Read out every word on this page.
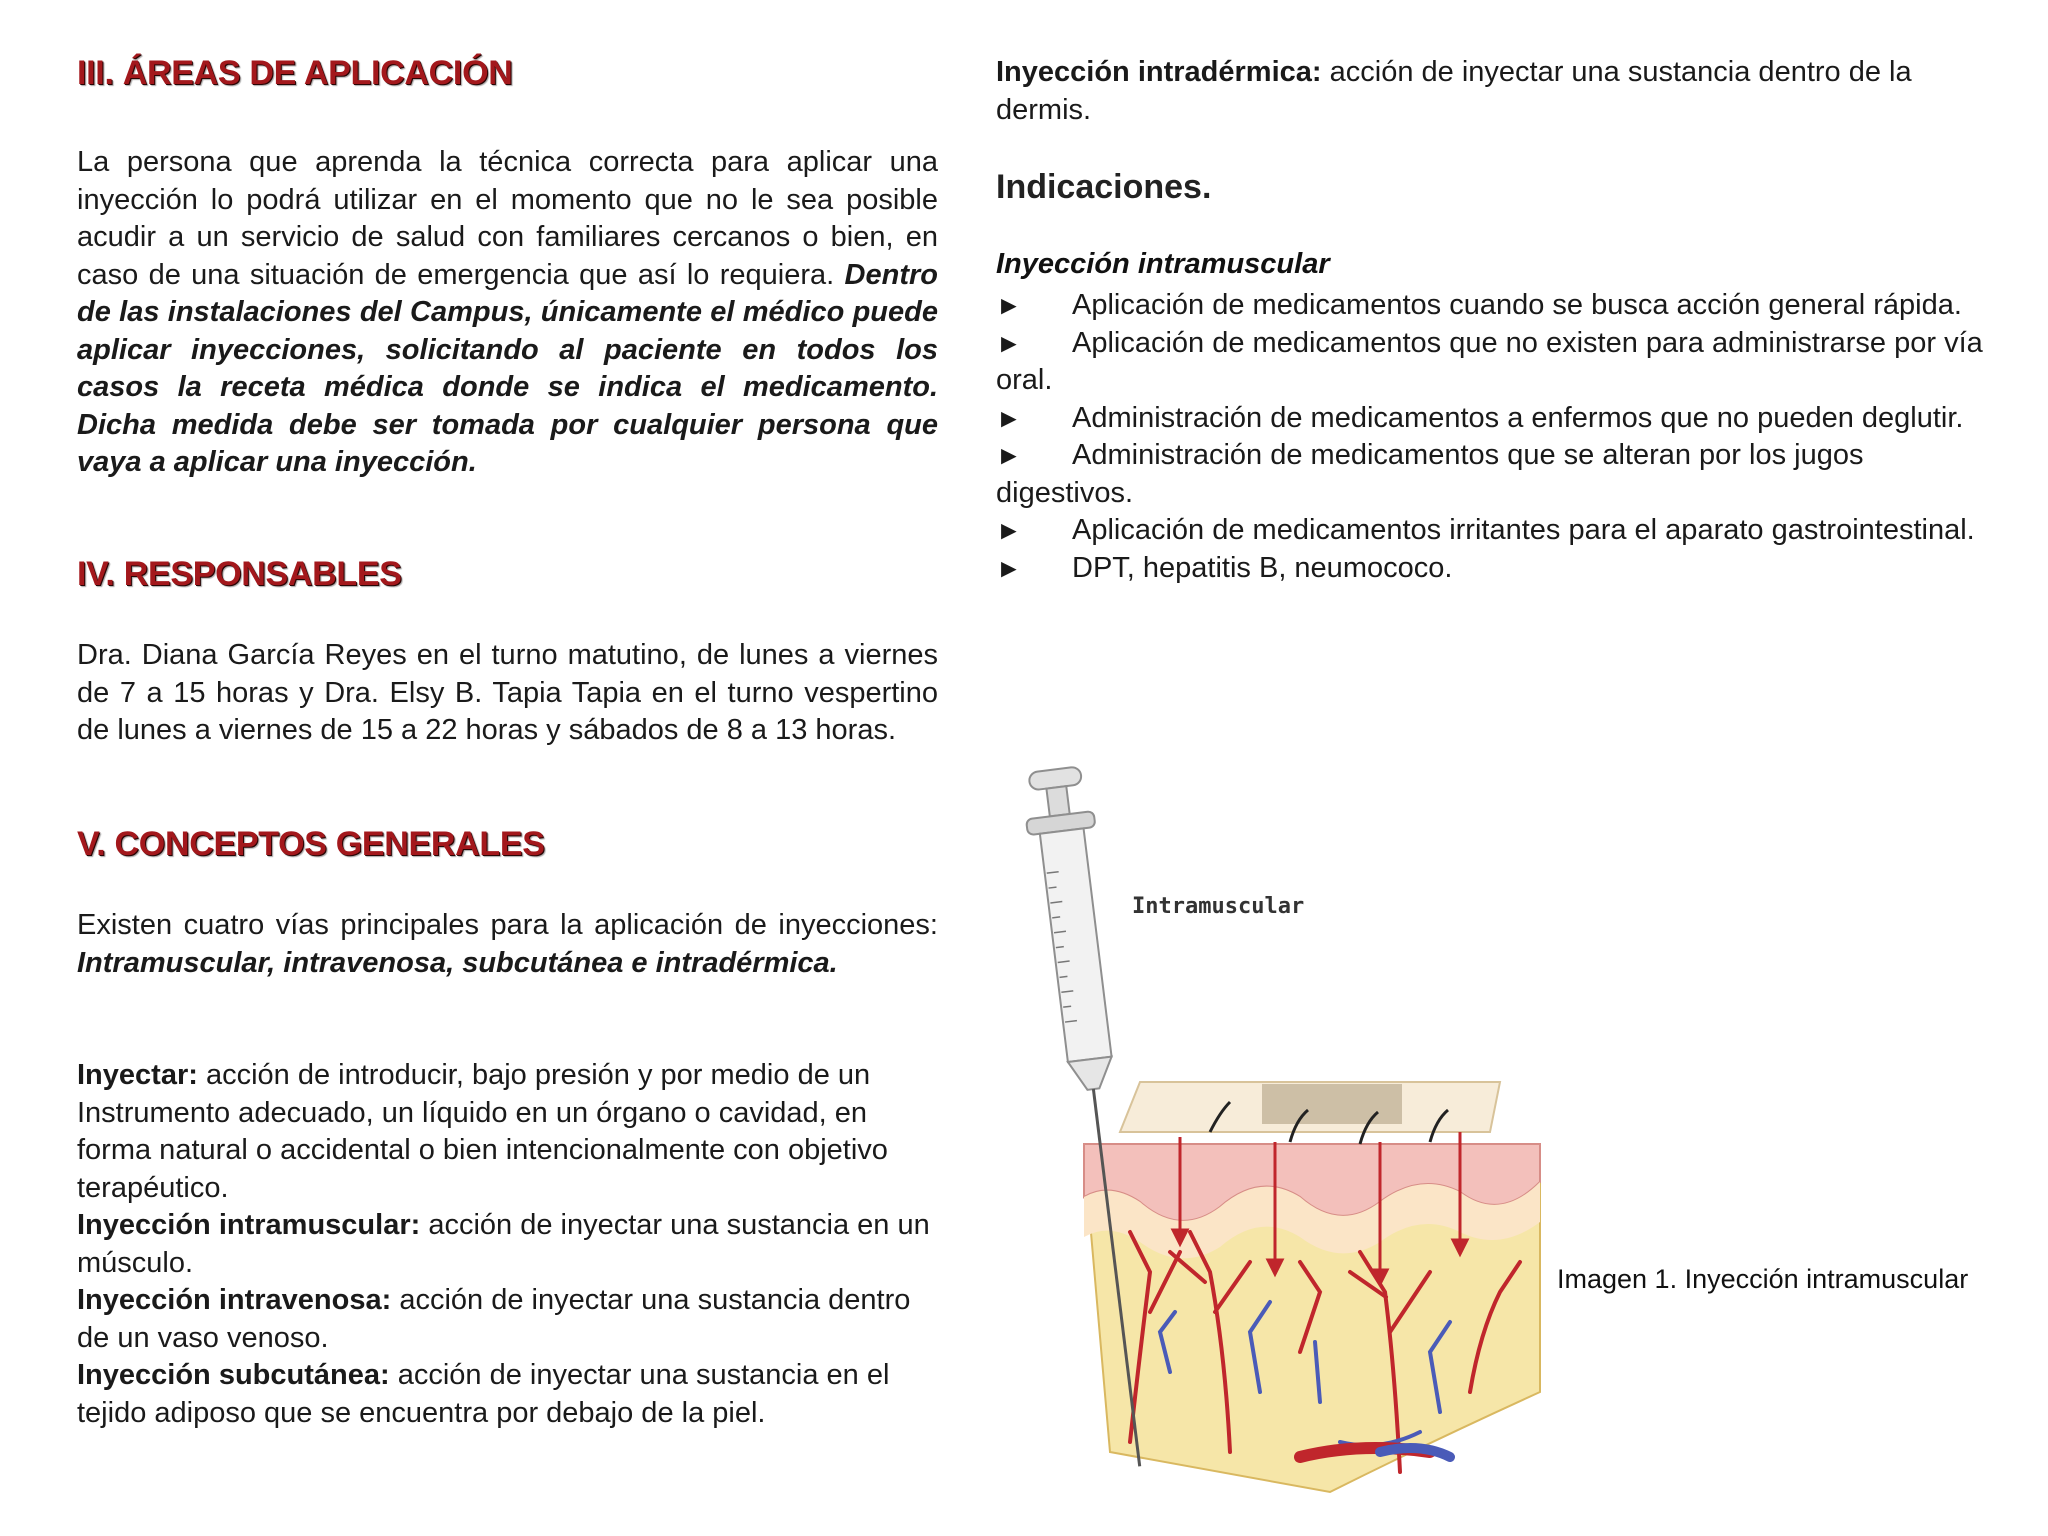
III. ÁREAS DE APLICACIÓN

La persona que aprenda la técnica correcta para aplicar una inyección lo podrá utilizar en el momento que no le sea posible acudir a un servicio de salud con familiares cercanos o bien, en caso de una situación de emergencia que así lo requiera. Dentro de las instalaciones del Campus, únicamente el médico puede aplicar inyecciones, solicitando al paciente en todos los casos la receta médica donde se indica el medicamento. Dicha medida debe ser tomada por cualquier persona que vaya a aplicar una inyección.

IV. RESPONSABLES

Dra. Diana García Reyes en el turno matutino, de lunes a viernes de 7 a 15 horas y Dra. Elsy B. Tapia Tapia en el turno vespertino de lunes a viernes de 15 a 22 horas y sábados de 8 a 13 horas.

V. CONCEPTOS GENERALES

Existen cuatro vías principales para la aplicación de inyecciones: Intramuscular, intravenosa, subcutánea e intradérmica.

Inyectar: acción de introducir, bajo presión y por medio de un Instrumento adecuado, un líquido en un órgano o cavidad, en forma natural o accidental o bien intencionalmente con objetivo terapéutico.

Inyección intramuscular: acción de inyectar una sustancia en un músculo.

Inyección intravenosa: acción de inyectar una sustancia dentro de un vaso venoso.

Inyección subcutánea: acción de inyectar una sustancia en el tejido adiposo que se encuentra por debajo de la piel.

Inyección intradérmica: acción de inyectar una sustancia dentro de la dermis.

Indicaciones.
Inyección intramuscular
► Aplicación de medicamentos cuando se busca acción general rápida.
► Aplicación de medicamentos que no existen para administrarse por vía oral.
► Administración de medicamentos a enfermos que no pueden deglutir.
► Administración de medicamentos que se alteran por los jugos digestivos.
► Aplicación de medicamentos irritantes para el aparato gastrointestinal.
► DPT, hepatitis B, neumococo.
Intramuscular
Imagen 1. Inyección intramuscular
